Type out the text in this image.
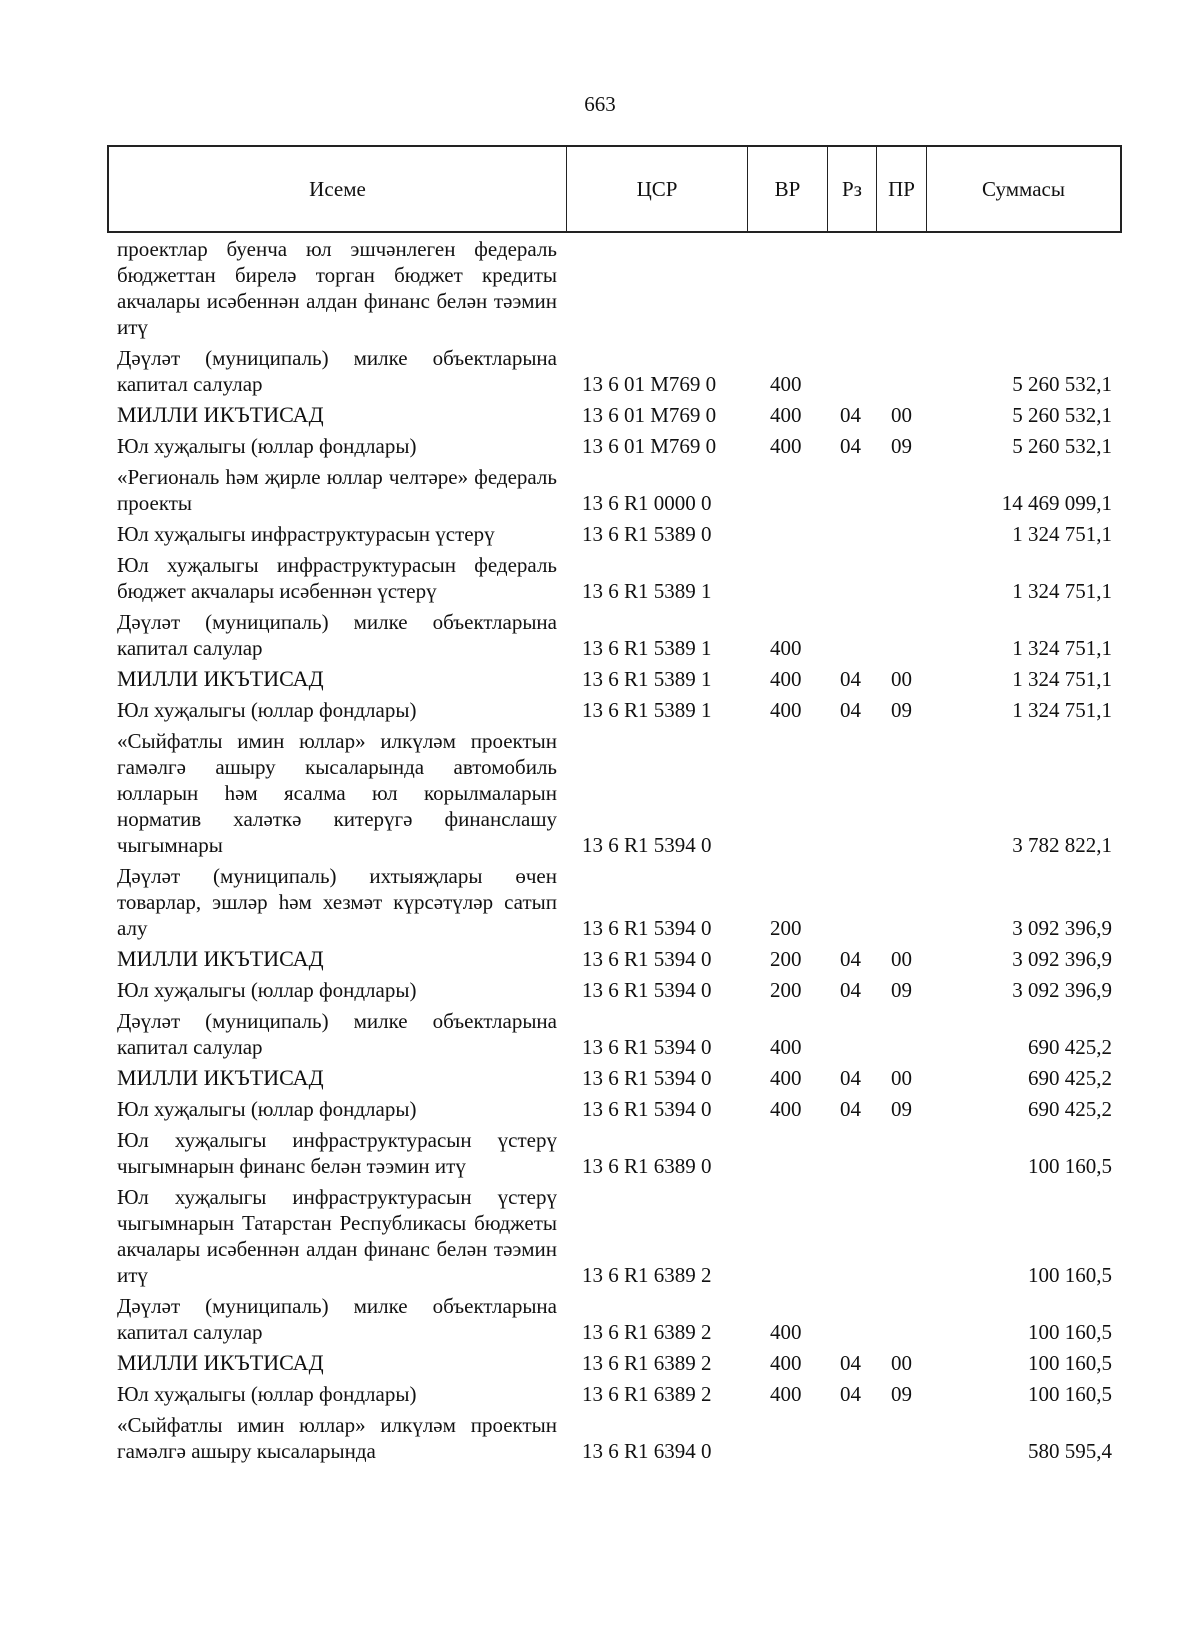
663
Исеме	ЦСР	ВР	Рз	ПР	Суммасы
проектлар буенча юл эшчәнлеген федераль бюджеттан бирелә торган бюджет кредиты акчалары исәбеннән алдан финанс белән тәэмин итү
Дәүләт (муниципаль) милке объектларына капитал салулар	13 6 01 M769 0	400	5 260 532,1
МИЛЛИ ИКЪТИСАД	13 6 01 M769 0	400 04 00	5 260 532,1
Юл хуҗалыгы (юллар фондлары)	13 6 01 M769 0	400 04 09	5 260 532,1
«Региональ һәм җирле юллар челтәре» федераль проекты	13 6 R1 0000 0	14 469 099,1
Юл хуҗалыгы инфраструктурасын үстерү	13 6 R1 5389 0	1 324 751,1
Юл хуҗалыгы инфраструктурасын федераль бюджет акчалары исәбеннән үстерү	13 6 R1 5389 1	1 324 751,1
Дәүләт (муниципаль) милке объектларына капитал салулар	13 6 R1 5389 1	400	1 324 751,1
МИЛЛИ ИКЪТИСАД	13 6 R1 5389 1	400 04 00	1 324 751,1
Юл хуҗалыгы (юллар фондлары)	13 6 R1 5389 1	400 04 09	1 324 751,1
«Сыйфатлы имин юллар» илкүләм проектын гамәлгә ашыру кысаларында автомобиль юлларын һәм ясалма юл корылмаларын норматив халәткә китерүгә финанслашу чыгымнары	13 6 R1 5394 0	3 782 822,1
Дәүләт (муниципаль) ихтыяҗлары өчен товарлар, эшләр һәм хезмәт күрсәтүләр сатып алу	13 6 R1 5394 0	200	3 092 396,9
МИЛЛИ ИКЪТИСАД	13 6 R1 5394 0	200 04 00	3 092 396,9
Юл хуҗалыгы (юллар фондлары)	13 6 R1 5394 0	200 04 09	3 092 396,9
Дәүләт (муниципаль) милке объектларына капитал салулар	13 6 R1 5394 0	400	690 425,2
МИЛЛИ ИКЪТИСАД	13 6 R1 5394 0	400 04 00	690 425,2
Юл хуҗалыгы (юллар фондлары)	13 6 R1 5394 0	400 04 09	690 425,2
Юл хуҗалыгы инфраструктурасын үстерү чыгымнарын финанс белән тәэмин итү	13 6 R1 6389 0	100 160,5
Юл хуҗалыгы инфраструктурасын үстерү чыгымнарын Татарстан Республикасы бюджеты акчалары исәбеннән алдан финанс белән тәэмин итү	13 6 R1 6389 2	100 160,5
Дәүләт (муниципаль) милке объектларына капитал салулар	13 6 R1 6389 2	400	100 160,5
МИЛЛИ ИКЪТИСАД	13 6 R1 6389 2	400 04 00	100 160,5
Юл хуҗалыгы (юллар фондлары)	13 6 R1 6389 2	400 04 09	100 160,5
«Сыйфатлы имин юллар» илкүләм проектын гамәлгә ашыру кысаларында	13 6 R1 6394 0	580 595,4
